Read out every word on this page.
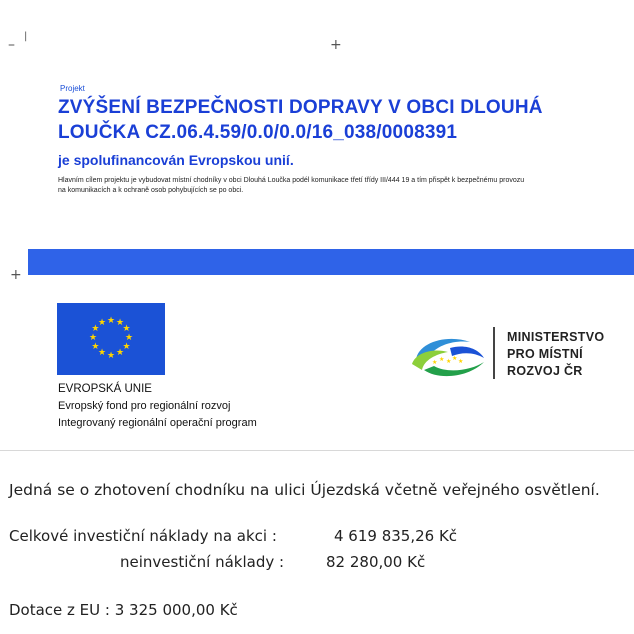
–
|
+
+
Projekt
ZVÝŠENÍ BEZPEČNOSTI DOPRAVY V OBCI DLOUHÁ
LOUČKA CZ.06.4.59/0.0/0.0/16_038/0008391
je spolufinancován Evropskou unií.
Hlavním cílem projektu je vybudovat místní chodníky v obci Dlouhá Loučka podél komunikace třetí třídy III/444 19 a tím přispět k bezpečnému provozu
na komunikacích a k ochraně osob pohybujících se po obci.
★ ★
★
★
★
★
★
★
★
★
★
★
EVROPSKÁ UNIE
Evropský fond pro regionální rozvoj
Integrovaný regionální operační program
★ ★ ★ ★ ★
MINISTERSTVO
PRO MÍSTNÍ
ROZVOJ ČR
Jedná se o zhotovení chodníku na ulici Újezdská včetně veřejného osvětlení.
Celkové investiční náklady na akci :	4 619 835,26 Kč
neinvestiční náklady :	82 280,00 Kč
Dotace z EU : 3 325 000,00 Kč
